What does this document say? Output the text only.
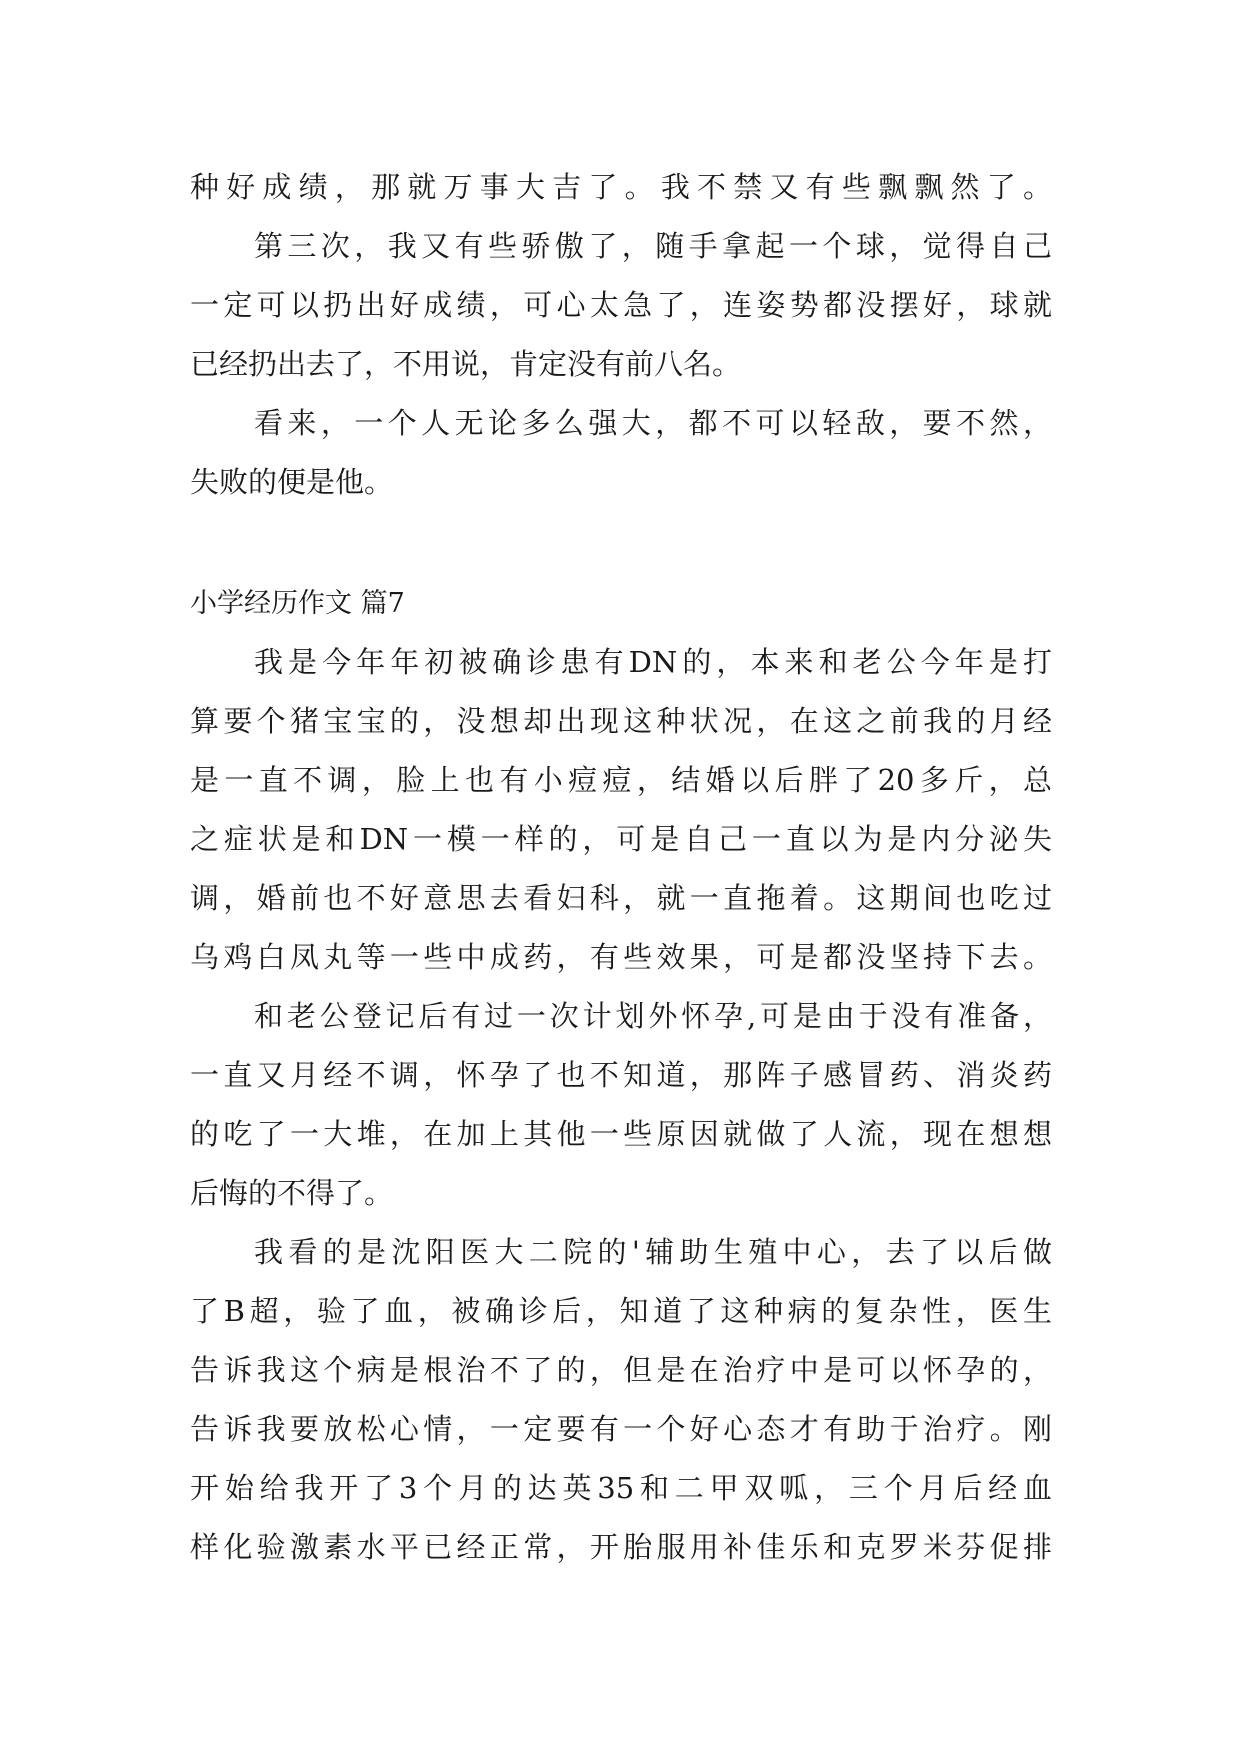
种好成绩，那就万事大吉了。我不禁又有些飘飘然了。
第三次，我又有些骄傲了，随手拿起一个球，觉得自己
一定可以扔出好成绩，可心太急了，连姿势都没摆好，球就
已经扔出去了，不用说，肯定没有前八名。
看来，一个人无论多么强大，都不可以轻敌，要不然，
失败的便是他。
小学经历作文 篇7
我是今年年初被确诊患有DN的，本来和老公今年是打
算要个猪宝宝的，没想却出现这种状况，在这之前我的月经
是一直不调，脸上也有小痘痘，结婚以后胖了20多斤，总
之症状是和DN一模一样的，可是自己一直以为是内分泌失
调，婚前也不好意思去看妇科，就一直拖着。这期间也吃过
乌鸡白凤丸等一些中成药，有些效果，可是都没坚持下去。
和老公登记后有过一次计划外怀孕,可是由于没有准备，
一直又月经不调，怀孕了也不知道，那阵子感冒药、消炎药
的吃了一大堆，在加上其他一些原因就做了人流，现在想想
后悔的不得了。
我看的是沈阳医大二院的'辅助生殖中心，去了以后做
了B超，验了血，被确诊后，知道了这种病的复杂性，医生
告诉我这个病是根治不了的，但是在治疗中是可以怀孕的，
告诉我要放松心情，一定要有一个好心态才有助于治疗。刚
开始给我开了3个月的达英35和二甲双呱，三个月后经血
样化验激素水平已经正常，开胎服用补佳乐和克罗米芬促排
